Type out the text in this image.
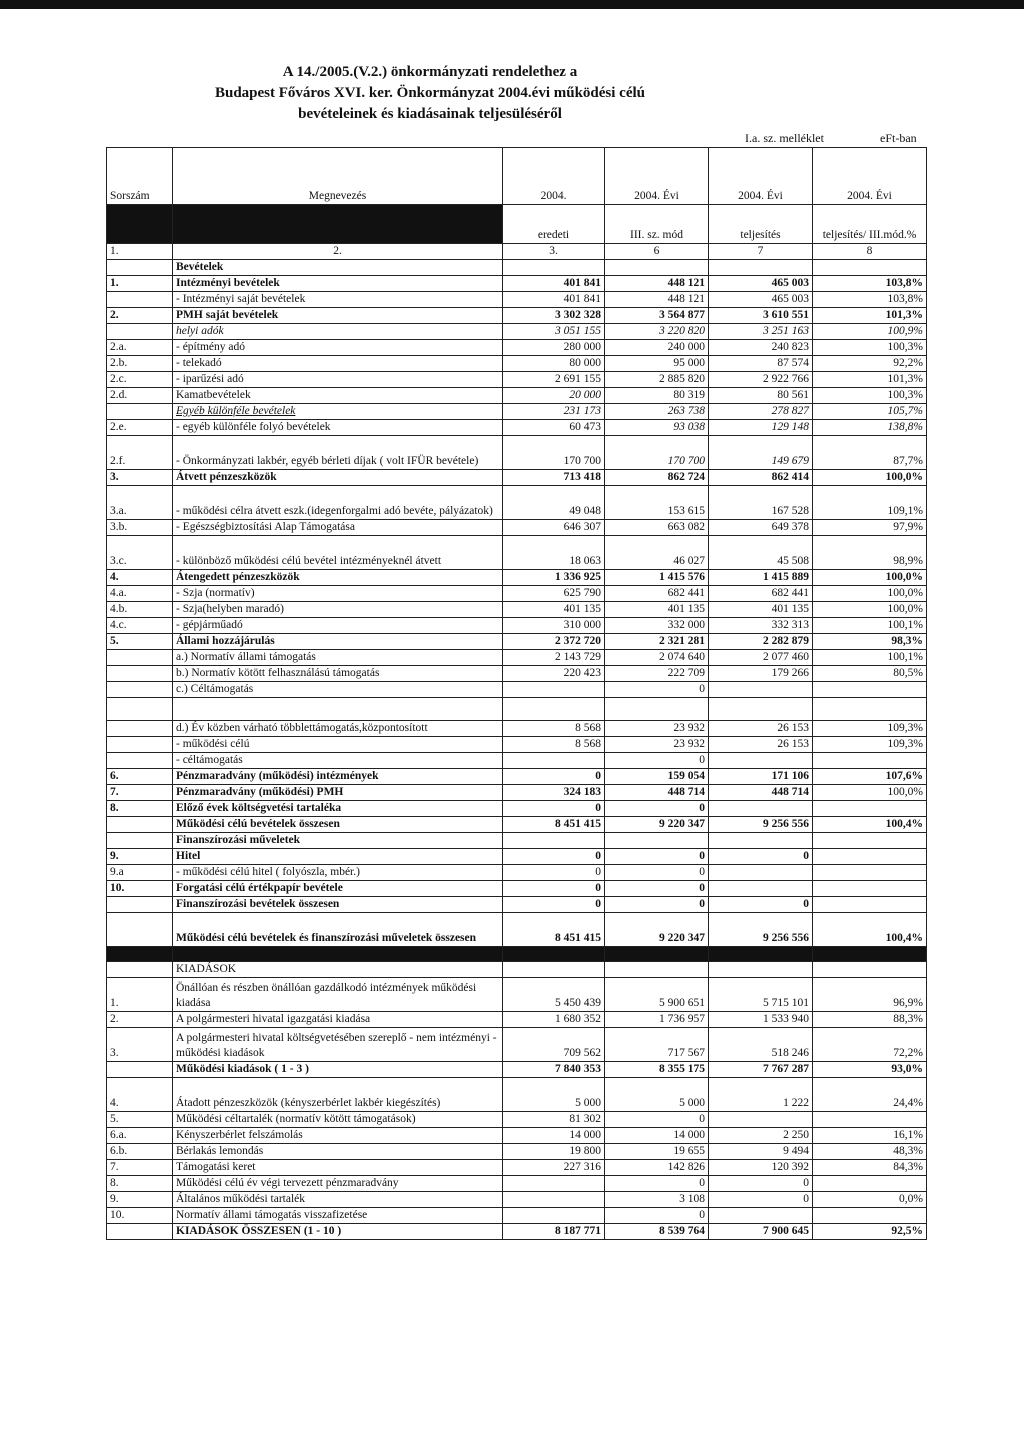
A 14./2005.(V.2.) önkormányzati rendelethez a
Budapest Főváros XVI. ker. Önkormányzat 2004.évi működési célú
bevételeinek és kiadásainak teljesüléséről
I.a. sz. melléklet	eFt-ban
Sorszám	Megnevezés	2004.	2004. Évi	2004. Évi	2004. Évi
		eredeti	III. sz. mód	teljesítés	teljesítés/ III.mód.%
1.	2.	3.	6	7	8
	Bevételek				
1.	Intézményi bevételek	401 841	448 121	465 003	103,8%
	- Intézményi saját bevételek	401 841	448 121	465 003	103,8%
2.	PMH saját bevételek	3 302 328	3 564 877	3 610 551	101,3%
	helyi adók	3 051 155	3 220 820	3 251 163	100,9%
2.a.	- építmény adó	280 000	240 000	240 823	100,3%
2.b.	- telekadó	80 000	95 000	87 574	92,2%
2.c.	- iparűzési adó	2 691 155	2 885 820	2 922 766	101,3%
2.d.	Kamatbevételek	20 000	80 319	80 561	100,3%
	Egyéb különféle bevételek	231 173	263 738	278 827	105,7%
2.e.	- egyéb különféle folyó bevételek	60 473	93 038	129 148	138,8%
2.f.	- Önkormányzati lakbér, egyéb bérleti díjak ( volt IFÜR bevétele)	170 700	170 700	149 679	87,7%
3.	Átvett pénzeszközök	713 418	862 724	862 414	100,0%
3.a.	- működési célra átvett eszk.(idegenforgalmi adó bevéte, pályázatok)	49 048	153 615	167 528	109,1%
3.b.	- Egészségbiztosítási Alap Támogatása	646 307	663 082	649 378	97,9%
3.c.	- különböző működési célú bevétel intézményeknél átvett	18 063	46 027	45 508	98,9%
4.	Átengedett pénzeszközök	1 336 925	1 415 576	1 415 889	100,0%
4.a.	- Szja (normatív)	625 790	682 441	682 441	100,0%
4.b.	- Szja(helyben maradó)	401 135	401 135	401 135	100,0%
4.c.	- gépjárműadó	310 000	332 000	332 313	100,1%
5.	Állami hozzájárulás	2 372 720	2 321 281	2 282 879	98,3%
	a.) Normatív állami támogatás	2 143 729	2 074 640	2 077 460	100,1%
	b.) Normatív kötött felhasználású támogatás	220 423	222 709	179 266	80,5%
	c.) Céltámogatás		0		

	d.) Év közben várható többlettámogatás,központosított	8 568	23 932	26 153	109,3%
	- működési célú	8 568	23 932	26 153	109,3%
	- céltámogatás		0		
6.	Pénzmaradvány (működési) intézmények	0	159 054	171 106	107,6%
7.	Pénzmaradvány (működési) PMH	324 183	448 714	448 714	100,0%
8.	Előző évek költségvetési tartaléka	0	0		
	Működési célú bevételek összesen	8 451 415	9 220 347	9 256 556	100,4%
	Finanszírozási műveletek				
9.	Hitel	0	0	0	
9.a	- működési célú hitel ( folyószla, mbér.)	0	0		
10.	Forgatási célú értékpapír bevétele	0	0		
	Finanszírozási bevételek összesen	0	0	0	
	Működési célú bevételek és finanszírozási műveletek összesen	8 451 415	9 220 347	9 256 556	100,4%

	KIADÁSOK				
1.	Önállóan és részben önállóan gazdálkodó intézmények működési kiadása	5 450 439	5 900 651	5 715 101	96,9%
2.	A polgármesteri hivatal igazgatási kiadása	1 680 352	1 736 957	1 533 940	88,3%
3.	A polgármesteri hivatal költségvetésében szereplő - nem intézményi - működési kiadások	709 562	717 567	518 246	72,2%
	Működési kiadások ( 1 - 3 )	7 840 353	8 355 175	7 767 287	93,0%
4.	Átadott pénzeszközök (kényszerbérlet lakbér kiegészítés)	5 000	5 000	1 222	24,4%
5.	Működési céltartalék (normatív kötött támogatások)	81 302	0		
6.a.	Kényszerbérlet felszámolás	14 000	14 000	2 250	16,1%
6.b.	Bérlakás lemondás	19 800	19 655	9 494	48,3%
7.	Támogatási keret	227 316	142 826	120 392	84,3%
8.	Működési célú év végi tervezett pénzmaradvány		0	0	
9.	Általános működési tartalék		3 108	0	0,0%
10.	Normatív állami támogatás visszafizetése		0		
	KIADÁSOK ÖSSZESEN (1 - 10 )	8 187 771	8 539 764	7 900 645	92,5%
